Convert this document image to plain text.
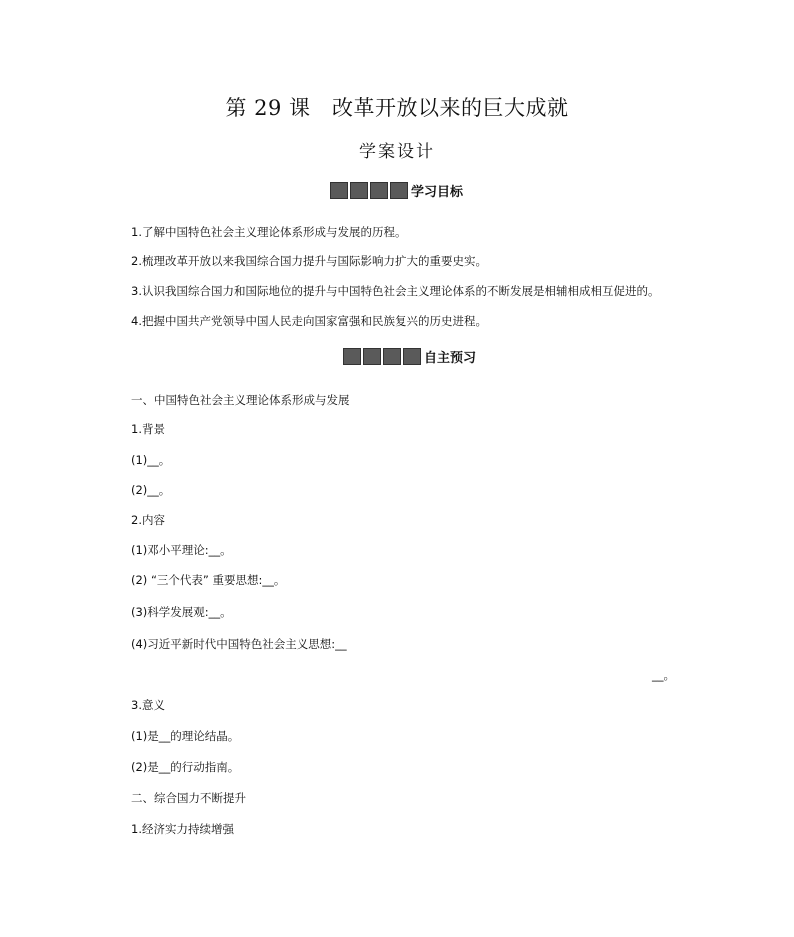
第 29 课　改革开放以来的巨大成就
学案设计
学习目标
1.了解中国特色社会主义理论体系形成与发展的历程。
2.梳理改革开放以来我国综合国力提升与国际影响力扩大的重要史实。
3.认识我国综合国力和国际地位的提升与中国特色社会主义理论体系的不断发展是相辅相成相互促进的。
4.把握中国共产党领导中国人民走向国家富强和民族复兴的历史进程。
自主预习
一、中国特色社会主义理论体系形成与发展
1.背景
(1)__。
(2)__。
2.内容
(1)邓小平理论:__。
(2) “三个代表” 重要思想:__。
(3)科学发展观:__。
(4)习近平新时代中国特色社会主义思想:__
__。
3.意义
(1)是__的理论结晶。
(2)是__的行动指南。
二、综合国力不断提升
1.经济实力持续增强
